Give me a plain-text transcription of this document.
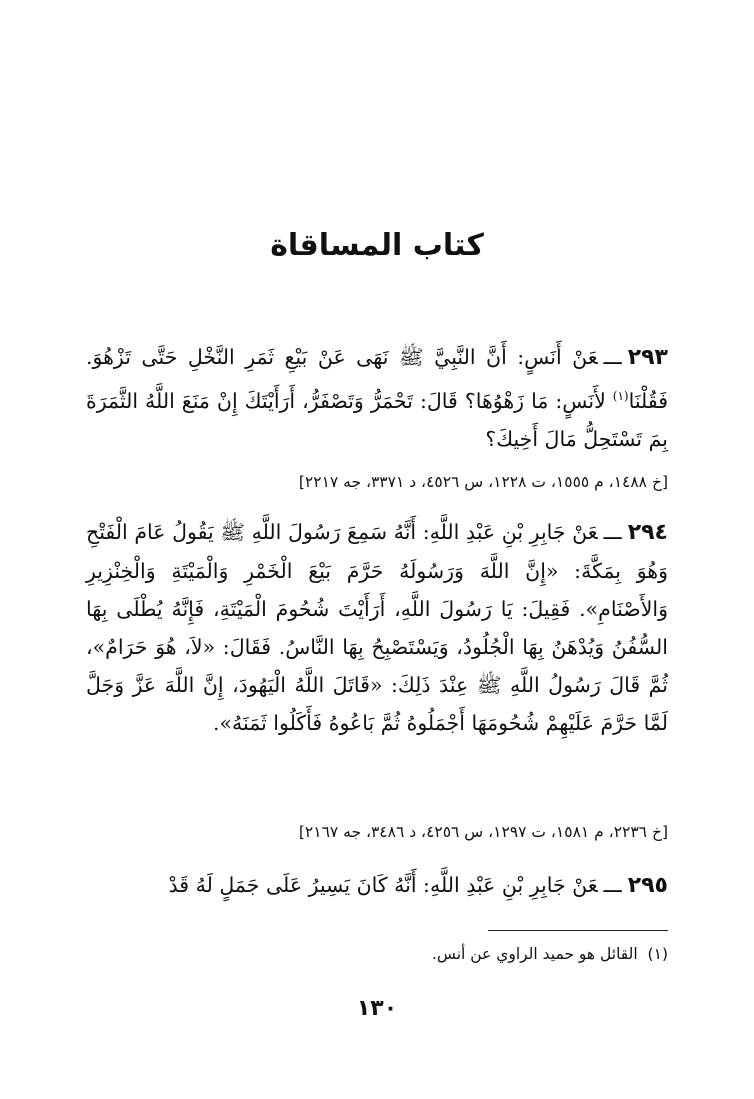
كتاب المساقاة

٢٩٣ـــعَنْ أَنَسٍ: أَنَّ النَّبِيَّ ﷺ نَهَى عَنْ بَيْعِ ثَمَرِ النَّخْلِ حَتَّى تَزْهُوَ. فَقُلْنَا$^{(١)}$ لأَنَسٍ: مَا زَهْوُهَا؟ قَالَ: تَحْمَرُّ وَتَصْفَرُّ، أَرَأَيْتَكَ إِنْ مَنَعَ اللَّهُ الثَّمَرَةَ بِمَ تَسْتَحِلُّ مَالَ أَخِيكَ؟

[خ ١٤٨٨، م ١٥٥٥، ت ١٢٢٨، س ٤٥٢٦، د ٣٣٧١، جه ٢٢١٧]

٢٩٤ـــعَنْ جَابِرِ بْنِ عَبْدِ اللَّهِ: أَنَّهُ سَمِعَ رَسُولَ اللَّهِ ﷺ يَقُولُ عَامَ الْفَتْحِ وَهُوَ بِمَكَّةَ: «إِنَّ اللَّهَ وَرَسُولَهُ حَرَّمَ بَيْعَ الْخَمْرِ وَالْمَيْتَةِ وَالْخِنْزِيرِ وَالأَصْنَامِ». فَقِيلَ: يَا رَسُولَ اللَّهِ، أَرَأَيْتَ شُحُومَ الْمَيْتَةِ، فَإِنَّهُ يُطْلَى بِهَا السُّفُنُ وَيُدْهَنُ بِهَا الْجُلُودُ، وَيَسْتَصْبِحُ بِهَا النَّاسُ. فَقَالَ: «لاَ، هُوَ حَرَامٌ»، ثُمَّ قَالَ رَسُولُ اللَّهِ ﷺ عِنْدَ ذَلِكَ: «قَاتَلَ اللَّهُ الْيَهُودَ، إِنَّ اللَّهَ عَزَّ وَجَلَّ لَمَّا حَرَّمَ عَلَيْهِمْ شُحُومَهَا أَجْمَلُوهُ ثُمَّ بَاعُوهُ فَأَكَلُوا ثَمَنَهُ».

[خ ٢٢٣٦، م ١٥٨١، ت ١٢٩٧، س ٤٢٥٦، د ٣٤٨٦، جه ٢١٦٧]

٢٩٥ـــعَنْ جَابِرِ بْنِ عَبْدِ اللَّهِ: أَنَّهُ كَانَ يَسِيرُ عَلَى جَمَلٍ لَهُ قَدْ

(١)  القائل هو حميد الراوي عن أنس.

١٣٠
